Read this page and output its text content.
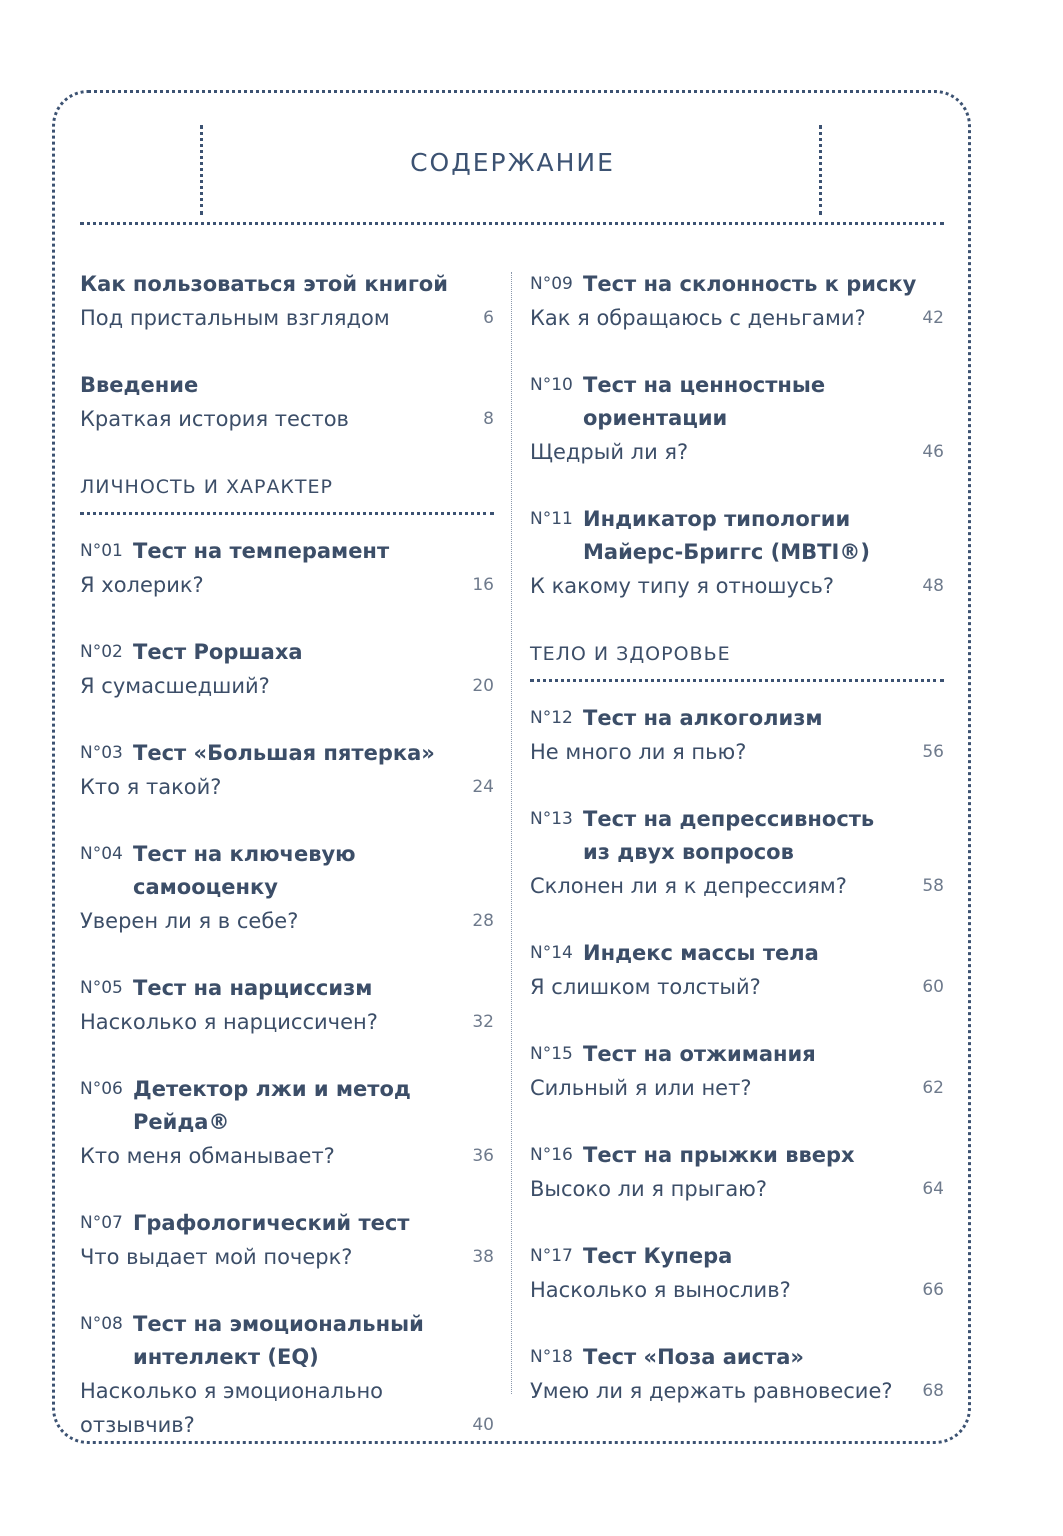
СОДЕРЖАНИЕ
Как пользоваться этой книгой
Под пристальным взглядом	6
Введение
Краткая история тестов	8
ЛИЧНОСТЬ И ХАРАКТЕР
N°01 Тест на темперамент
Я холерик?	16
N°02 Тест Роршаха
Я сумасшедший?	20
N°03 Тест «Большая пятерка»
Кто я такой?	24
N°04 Тест на ключевую самооценку
Уверен ли я в себе?	28
N°05 Тест на нарциссизм
Насколько я нарциссичен?	32
N°06 Детектор лжи и метод Рейда®
Кто меня обманывает?	36
N°07 Графологический тест
Что выдает мой почерк?	38
N°08 Тест на эмоциональный
интеллект (EQ)
Насколько я эмоционально
отзывчив?	40
N°09 Тест на склонность к риску
Как я обращаюсь с деньгами?	42
N°10 Тест на ценностные ориентации
Щедрый ли я?	46
N°11 Индикатор типологии
Майерс-Бриггс (MBTI®)
К какому типу я отношусь?	48
ТЕЛО И ЗДОРОВЬЕ
N°12 Тест на алкоголизм
Не много ли я пью?	56
N°13 Тест на депрессивность
из двух вопросов
Склонен ли я к депрессиям?	58
N°14 Индекс массы тела
Я слишком толстый?	60
N°15 Тест на отжимания
Сильный я или нет?	62
N°16 Тест на прыжки вверх
Высоко ли я прыгаю?	64
N°17 Тест Купера
Насколько я вынослив?	66
N°18 Тест «Поза аиста»
Умею ли я держать равновесие? 68
